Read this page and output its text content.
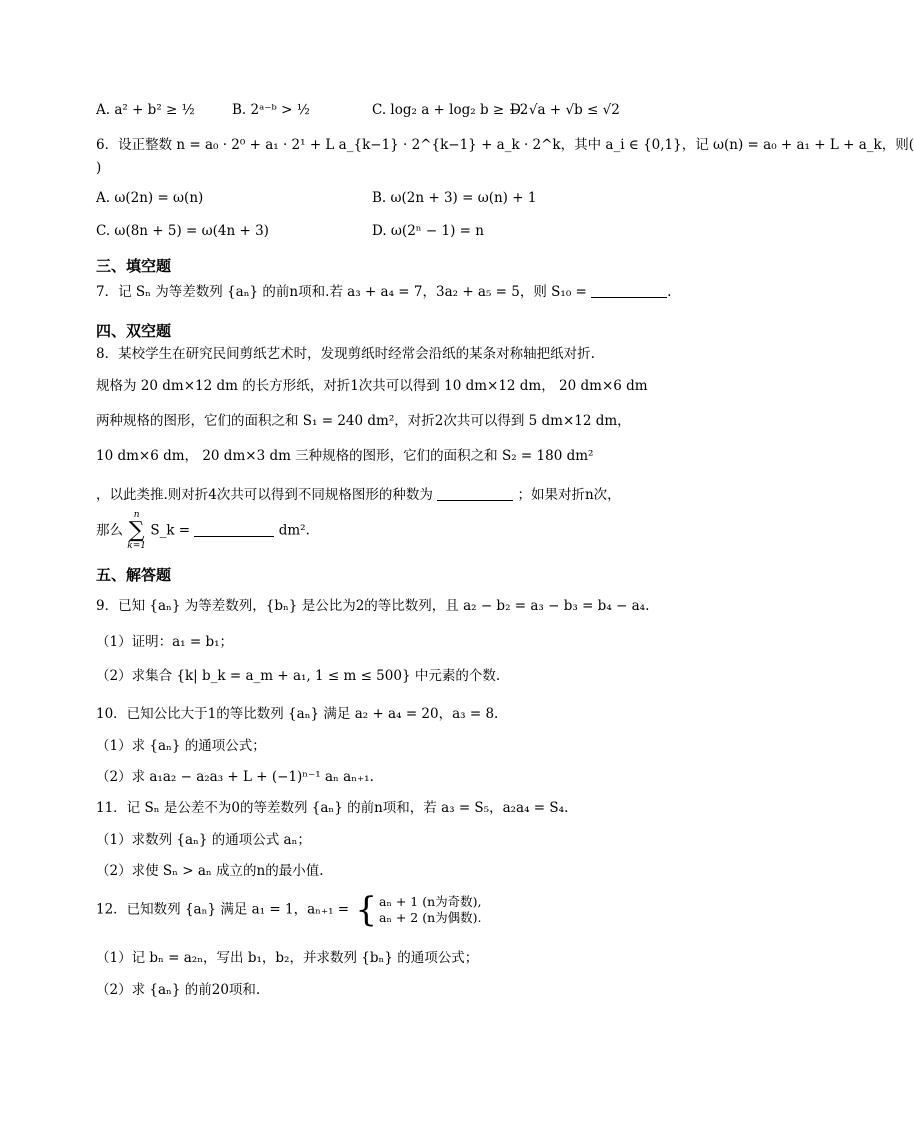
A. a² + b² ≥ ½	B. 2ᵃ⁻ᵇ > ½	C. log₂ a + log₂ b ≥ −2
D. √a + √b ≤ √2
6．设正整数 n = a₀ · 2⁰ + a₁ · 2¹ + L a_{k−1} · 2^{k−1} + a_k · 2^k，其中 a_i ∈ {0,1}，记 ω(n) = a₀ + a₁ + L + a_k，则(
)
A. ω(2n) = ω(n)	B. ω(2n + 3) = ω(n) + 1
C. ω(8n + 5) = ω(4n + 3)	D. ω(2ⁿ − 1) = n
三、填空题
7．记 Sₙ 为等差数列 {aₙ} 的前n项和.若 a₃ + a₄ = 7，3a₂ + a₅ = 5，则 S₁₀ =	.
四、双空题
8．某校学生在研究民间剪纸艺术时，发现剪纸时经常会沿纸的某条对称轴把纸对折.
规格为 20 dm×12 dm 的长方形纸，对折1次共可以得到 10 dm×12 dm， 20 dm×6 dm
两种规格的图形，它们的面积之和 S₁ = 240 dm²，对折2次共可以得到 5 dm×12 dm，
10 dm×6 dm， 20 dm×3 dm 三种规格的图形，它们的面积之和 S₂ = 180 dm²
，以此类推.则对折4次共可以得到不同规格图形的种数为	；如果对折n次，
那么
n
∑
k=1
S_k =	dm².
五、解答题
9．已知 {aₙ} 为等差数列，{bₙ} 是公比为2的等比数列，且 a₂ − b₂ = a₃ − b₃ = b₄ − a₄.
（1）证明：a₁ = b₁；
（2）求集合 {k| b_k = a_m + a₁, 1 ≤ m ≤ 500} 中元素的个数.
10．已知公比大于1的等比数列 {aₙ} 满足 a₂ + a₄ = 20，a₃ = 8.
（1）求 {aₙ} 的通项公式；
（2）求 a₁a₂ − a₂a₃ + L + (−1)ⁿ⁻¹ aₙ aₙ₊₁.
11．记 Sₙ 是公差不为0的等差数列 {aₙ} 的前n项和，若 a₃ = S₅，a₂a₄ = S₄.
（1）求数列 {aₙ} 的通项公式 aₙ；
（2）求使 Sₙ > aₙ 成立的n的最小值.
12．已知数列 {aₙ} 满足 a₁ = 1，aₙ₊₁ = { aₙ + 1 (n为奇数),
aₙ + 2 (n为偶数).
（1）记 bₙ = a₂ₙ，写出 b₁，b₂，并求数列 {bₙ} 的通项公式；
（2）求 {aₙ} 的前20项和.
